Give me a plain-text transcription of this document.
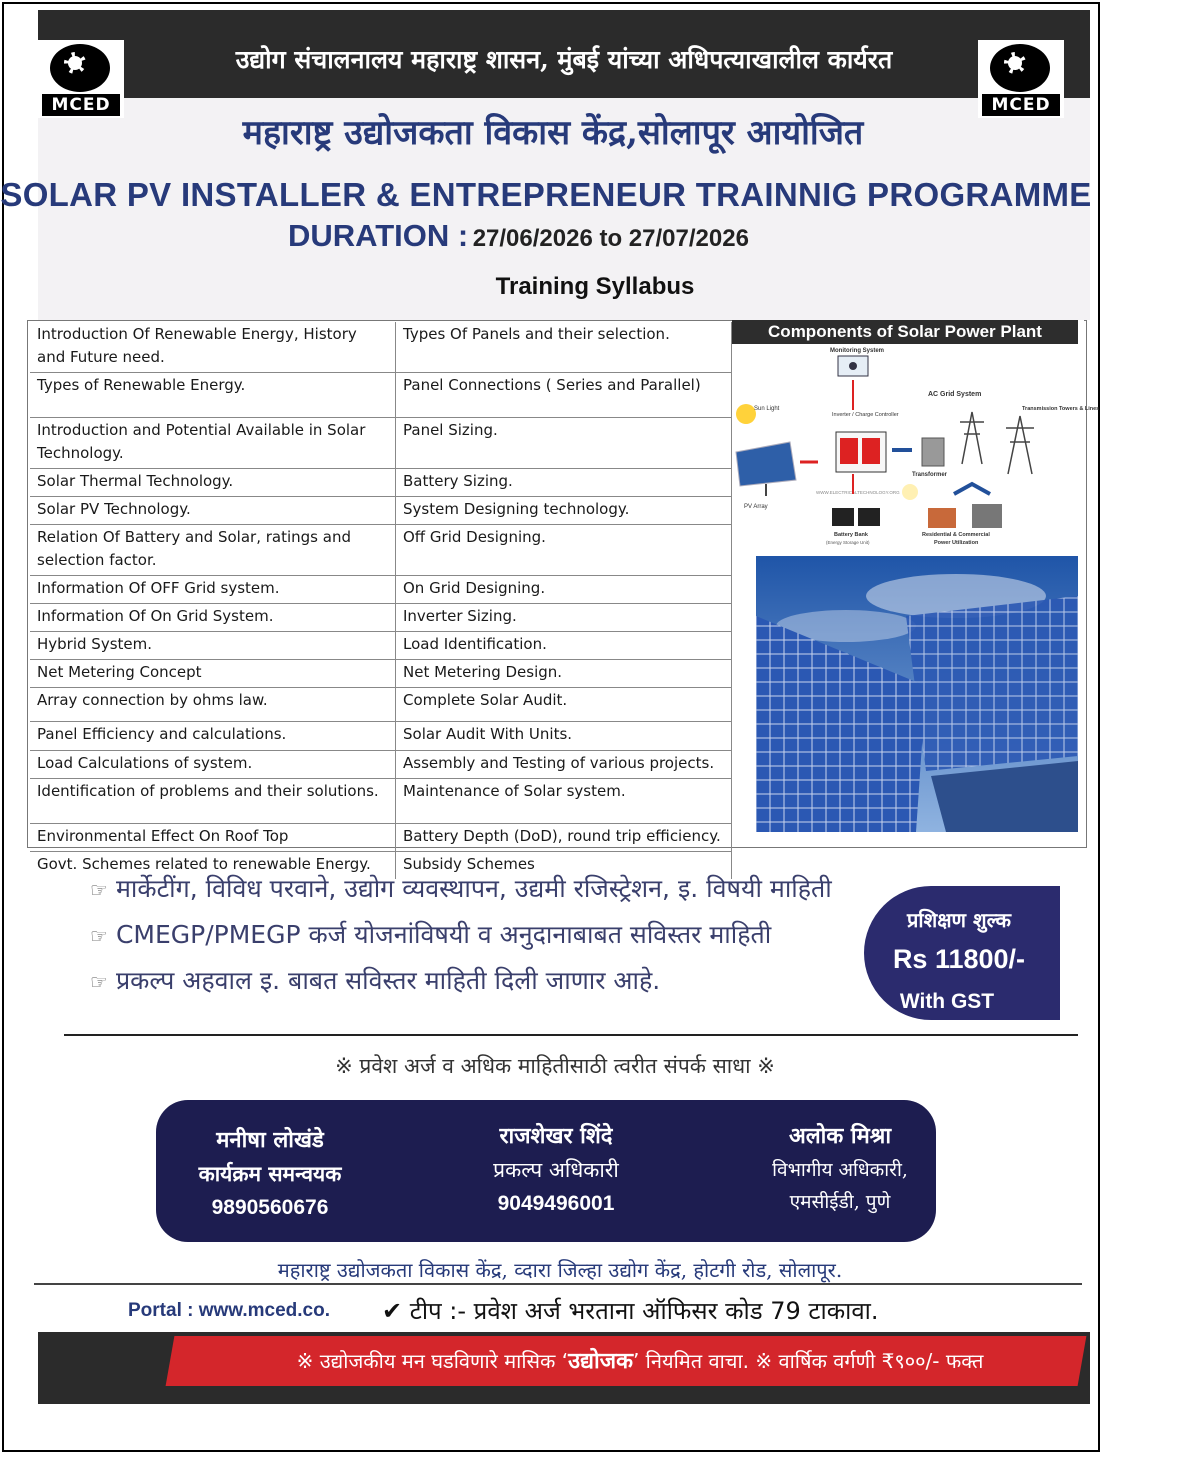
उद्योग संचालनालय महाराष्ट्र शासन, मुंबई यांच्या अधिपत्याखालील कार्यरत
MCED	MCED
महाराष्ट्र उद्योजकता विकास केंद्र,सोलापूर आयोजित
SOLAR PV INSTALLER & ENTREPRENEUR TRAINNIG PROGRAMME
DURATION : 27/06/2026 to 27/07/2026
Training Syllabus
Introduction Of Renewable Energy, History and Future need.	Types Of Panels and their selection.
Types of Renewable Energy.	Panel Connections ( Series and Parallel)
Introduction and Potential Available in Solar Technology.	Panel Sizing.
Solar Thermal Technology.	Battery Sizing.
Solar PV Technology.	System Designing technology.
Relation Of Battery and Solar, ratings and selection factor.	Off Grid Designing.
Information Of OFF Grid system.	On Grid Designing.
Information Of On Grid System.	Inverter Sizing.
Hybrid System.	Load Identification.
Net Metering Concept	Net Metering Design.
Array connection by ohms law.	Complete Solar Audit.
Panel Efficiency and calculations.	Solar Audit With Units.
Load Calculations of system.	Assembly and Testing of various projects.
Identification of problems and their solutions.	Maintenance of Solar system.
Environmental Effect On Roof Top	Battery Depth (DoD), round trip efficiency.
Govt. Schemes related to renewable Energy.	Subsidy Schemes
Components of Solar Power Plant
Monitoring System
Sun Light
Inverter / Charge Controller
PV Array
Transformer
AC Grid System
Transmission Towers & Lines
WWW.ELECTRICALTECHNOLOGY.ORG
Battery Bank
(Energy Storage Unit)
Residential & Commercial
Power Utilization
☞ मार्केटींग, विविध परवाने, उद्योग व्यवस्थापन, उद्यमी रजिस्ट्रेशन, इ. विषयी माहिती
☞ CMEGP/PMEGP कर्ज योजनांविषयी व अनुदानाबाबत सविस्तर माहिती
☞ प्रकल्प अहवाल इ. बाबत सविस्तर माहिती दिली जाणार आहे.
प्रशिक्षण शुल्क
Rs 11800/-
With GST
※ प्रवेश अर्ज व अधिक माहितीसाठी त्वरीत संपर्क साधा ※
मनीषा लोखंडे
कार्यक्रम समन्वयक
9890560676
राजशेखर शिंदे
प्रकल्प अधिकारी
9049496001
अलोक मिश्रा
विभागीय अधिकारी,
एमसीईडी, पुणे
महाराष्ट्र उद्योजकता विकास केंद्र, व्दारा जिल्हा उद्योग केंद्र, होटगी रोड, सोलापूर.
Portal : www.mced.co. ✔ टीप :- प्रवेश अर्ज भरताना ऑफिसर कोड 79 टाकावा.
※ उद्योजकीय मन घडविणारे मासिक ‘उद्योजक’ नियमित वाचा. ※ वार्षिक वर्गणी ₹९००/- फक्त
